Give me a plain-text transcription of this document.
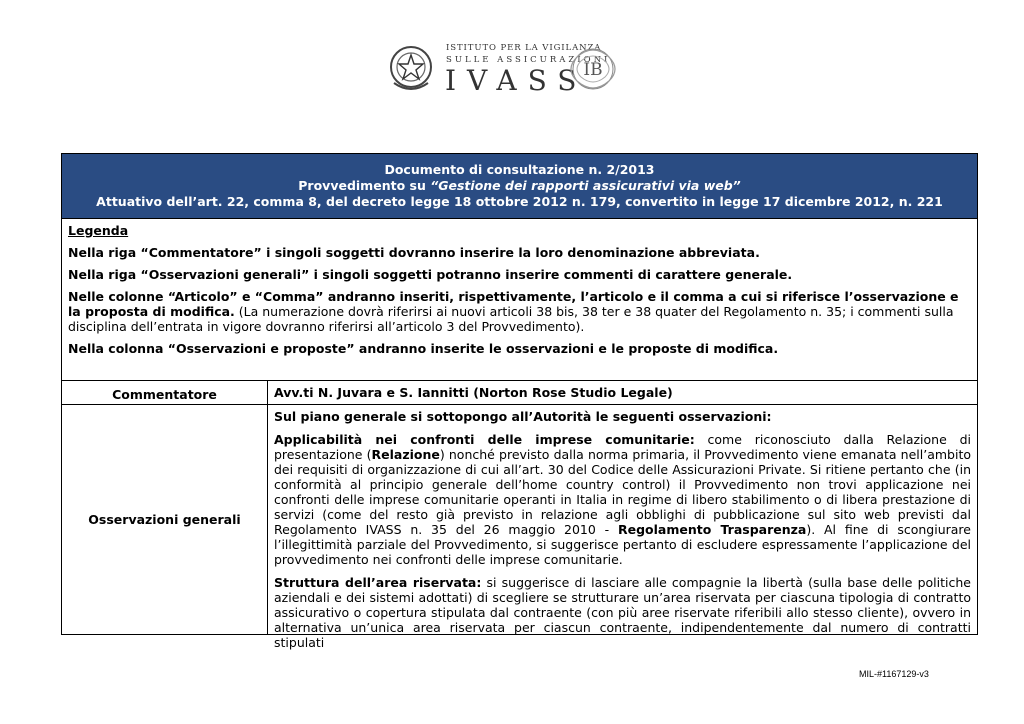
ISTITUTO PER LA VIGILANZA
SULLE ASSICURAZIONI
IVASS
IB
Documento di consultazione n. 2/2013
Provvedimento su “Gestione dei rapporti assicurativi via web”
Attuativo dell’art. 22, comma 8, del decreto legge 18 ottobre 2012 n. 179, convertito in legge 17 dicembre 2012, n. 221	

Legenda

Nella riga “Commentatore” i singoli soggetti dovranno inserire la loro denominazione abbreviata.

Nella riga “Osservazioni generali” i singoli soggetti potranno inserire commenti di carattere generale.

Nelle colonne “Articolo” e “Comma” andranno inseriti, rispettivamente, l’articolo e il comma a cui si riferisce l’osservazione e la proposta di modifica. (La numerazione dovrà riferirsi ai nuovi articoli 38 bis, 38 ter e 38 quater del Regolamento n. 35; i commenti sulla disciplina dell’entrata in vigore dovranno riferirsi all’articolo 3 del Provvedimento).

Nella colonna “Osservazioni e proposte” andranno inserite le osservazioni e le proposte di modifica.	

Commentatore	Avv.ti N. Juvara e S. Iannitti (Norton Rose Studio Legale)
Osservazioni generali	Sul piano generale si sottopongo all’Autorità le seguenti osservazioni:

Applicabilità nei confronti delle imprese comunitarie: come riconosciuto dalla Relazione di presentazione (Relazione) nonché previsto dalla norma primaria, il Provvedimento viene emanata nell’ambito dei requisiti di organizzazione di cui all’art. 30 del Codice delle Assicurazioni Private. Si ritiene pertanto che (in conformità al principio generale dell’home country control) il Provvedimento non trovi applicazione nei confronti delle imprese comunitarie operanti in Italia in regime di libero stabilimento o di libera prestazione di servizi (come del resto già previsto in relazione agli obblighi di pubblicazione sul sito web previsti dal Regolamento IVASS n. 35 del 26 maggio 2010 - Regolamento Trasparenza). Al fine di scongiurare l’illegittimità parziale del Provvedimento, si suggerisce pertanto di escludere espressamente l’applicazione del provvedimento nei confronti delle imprese comunitarie.

Struttura dell’area riservata: si suggerisce di lasciare alle compagnie la libertà (sulla base delle politiche aziendali e dei sistemi adottati) di scegliere se strutturare un’area riservata per ciascuna tipologia di contratto assicurativo o copertura stipulata dal contraente (con più aree riservate riferibili allo stesso cliente), ovvero in alternativa un’unica area riservata per ciascun contraente, indipendentemente dal numero di contratti stipulati

MIL-#1167129-v3
